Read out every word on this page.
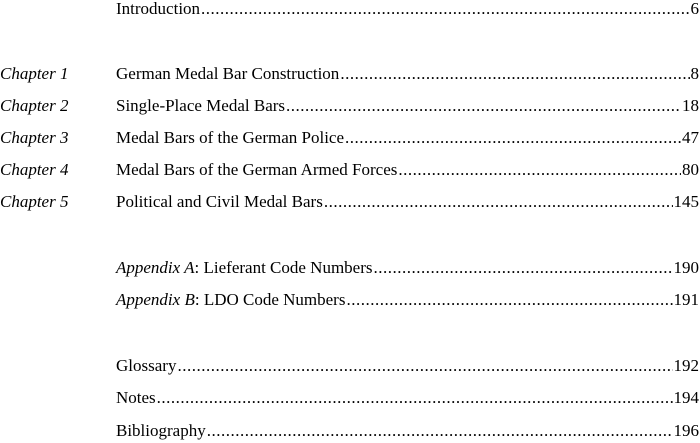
Introduction .....	6
Chapter 1	German Medal Bar Construction .....	8
Chapter 2	Single-Place Medal Bars .....	18
Chapter 3	Medal Bars of the German Police .....	47
Chapter 4	Medal Bars of the German Armed Forces .....	80
Chapter 5	Political and Civil Medal Bars .....	145
Appendix A: Lieferant Code Numbers .....	190
Appendix B: LDO Code Numbers .....	191
Glossary .....	192
Notes .....	194
Bibliography .....	196
